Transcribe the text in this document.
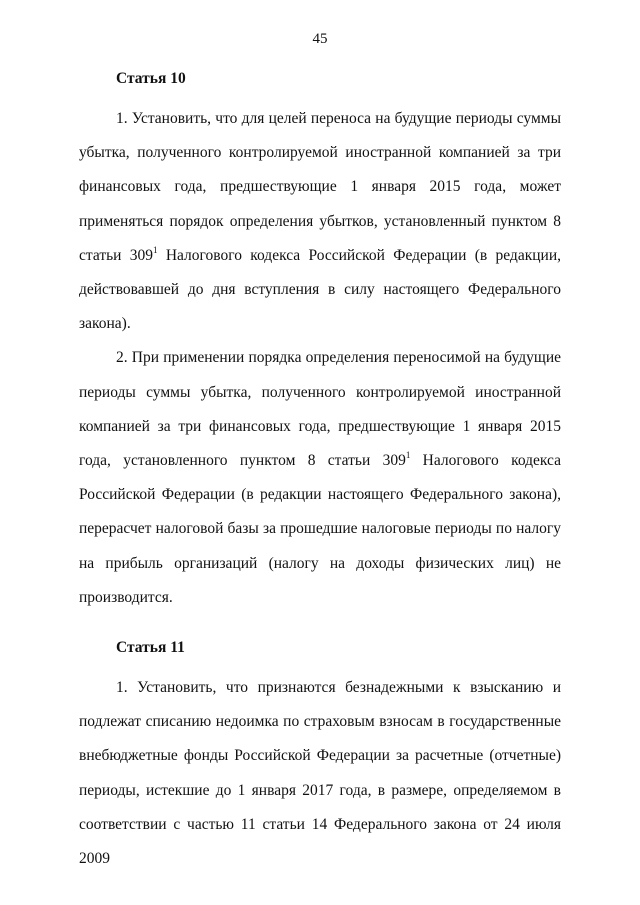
45
Статья 10

1. Установить, что для целей переноса на будущие периоды суммы убытка, полученного контролируемой иностранной компанией за три финансовых года, предшествующие 1 января 2015 года, может применяться порядок определения убытков, установленный пунктом 8 статьи $309^1$ Налогового кодекса Российской Федерации (в редакции, действовавшей до дня вступления в силу настоящего Федерального закона).

2. При применении порядка определения переносимой на будущие периоды суммы убытка, полученного контролируемой иностранной компанией за три финансовых года, предшествующие 1 января 2015 года, установленного пунктом 8 статьи $309^1$ Налогового кодекса Российской Федерации (в редакции настоящего Федерального закона), перерасчет налоговой базы за прошедшие налоговые периоды по налогу на прибыль организаций (налогу на доходы физических лиц) не производится.

Статья 11

1. Установить, что признаются безнадежными к взысканию и подлежат списанию недоимка по страховым взносам в государственные внебюджетные фонды Российской Федерации за расчетные (отчетные) периоды, истекшие до 1 января 2017 года, в размере, определяемом в соответствии с частью 11 статьи 14 Федерального закона от 24 июля 2009
